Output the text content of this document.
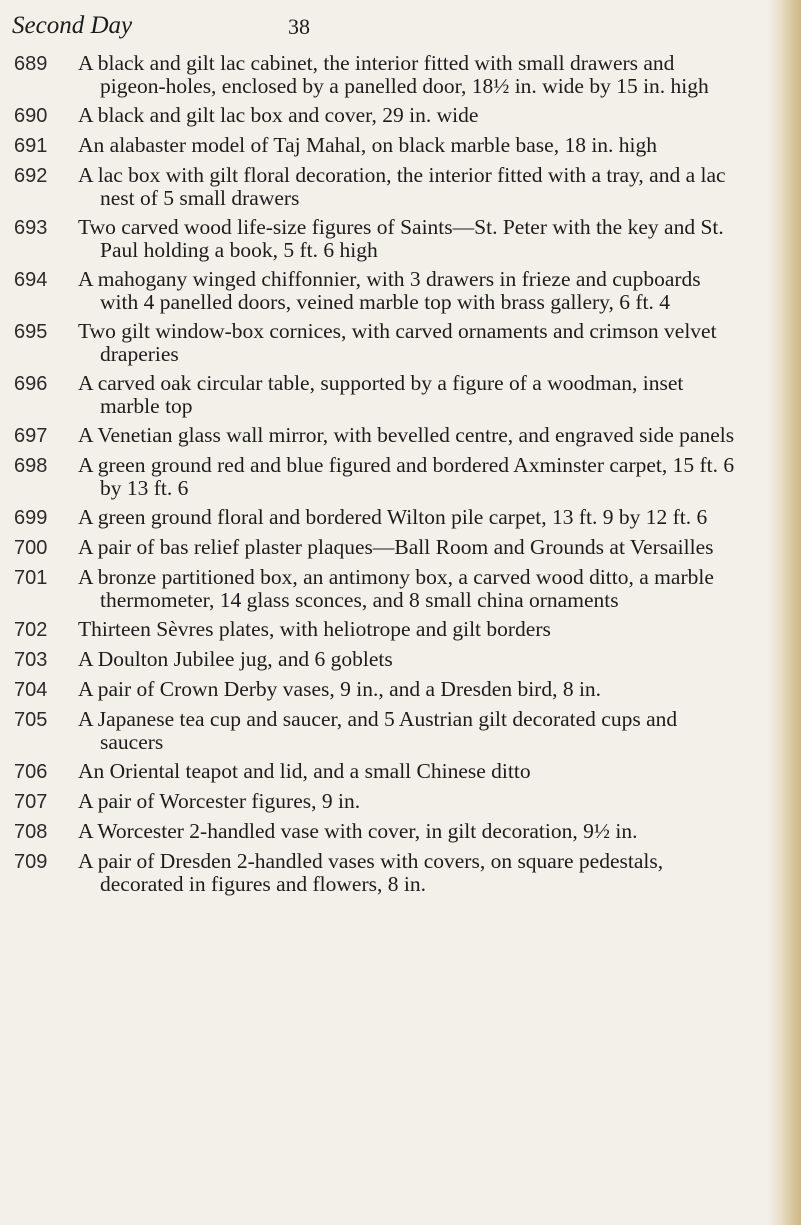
Second Day	38
689	A black and gilt lac cabinet, the interior fitted with small drawers and pigeon-holes, enclosed by a panelled door, 18½ in. wide by 15 in. high
690	A black and gilt lac box and cover, 29 in. wide
691	An alabaster model of Taj Mahal, on black marble base, 18 in. high
692	A lac box with gilt floral decoration, the interior fitted with a tray, and a lac nest of 5 small drawers
693	Two carved wood life-size figures of Saints—St. Peter with the key and St. Paul holding a book, 5 ft. 6 high
694	A mahogany winged chiffonnier, with 3 drawers in frieze and cupboards with 4 panelled doors, veined marble top with brass gallery, 6 ft. 4
695	Two gilt window-box cornices, with carved ornaments and crimson velvet draperies
696	A carved oak circular table, supported by a figure of a woodman, inset marble top
697	A Venetian glass wall mirror, with bevelled centre, and engraved side panels
698	A green ground red and blue figured and bordered Axminster carpet, 15 ft. 6 by 13 ft. 6
699	A green ground floral and bordered Wilton pile carpet, 13 ft. 9 by 12 ft. 6
700	A pair of bas relief plaster plaques—Ball Room and Grounds at Versailles
701	A bronze partitioned box, an antimony box, a carved wood ditto, a marble thermometer, 14 glass sconces, and 8 small china ornaments
702	Thirteen Sèvres plates, with heliotrope and gilt borders
703	A Doulton Jubilee jug, and 6 goblets
704	A pair of Crown Derby vases, 9 in., and a Dresden bird, 8 in.
705	A Japanese tea cup and saucer, and 5 Austrian gilt decorated cups and saucers
706	An Oriental teapot and lid, and a small Chinese ditto
707	A pair of Worcester figures, 9 in.
708	A Worcester 2-handled vase with cover, in gilt decoration, 9½ in.
709	A pair of Dresden 2-handled vases with covers, on square pedestals, decorated in figures and flowers, 8 in.
